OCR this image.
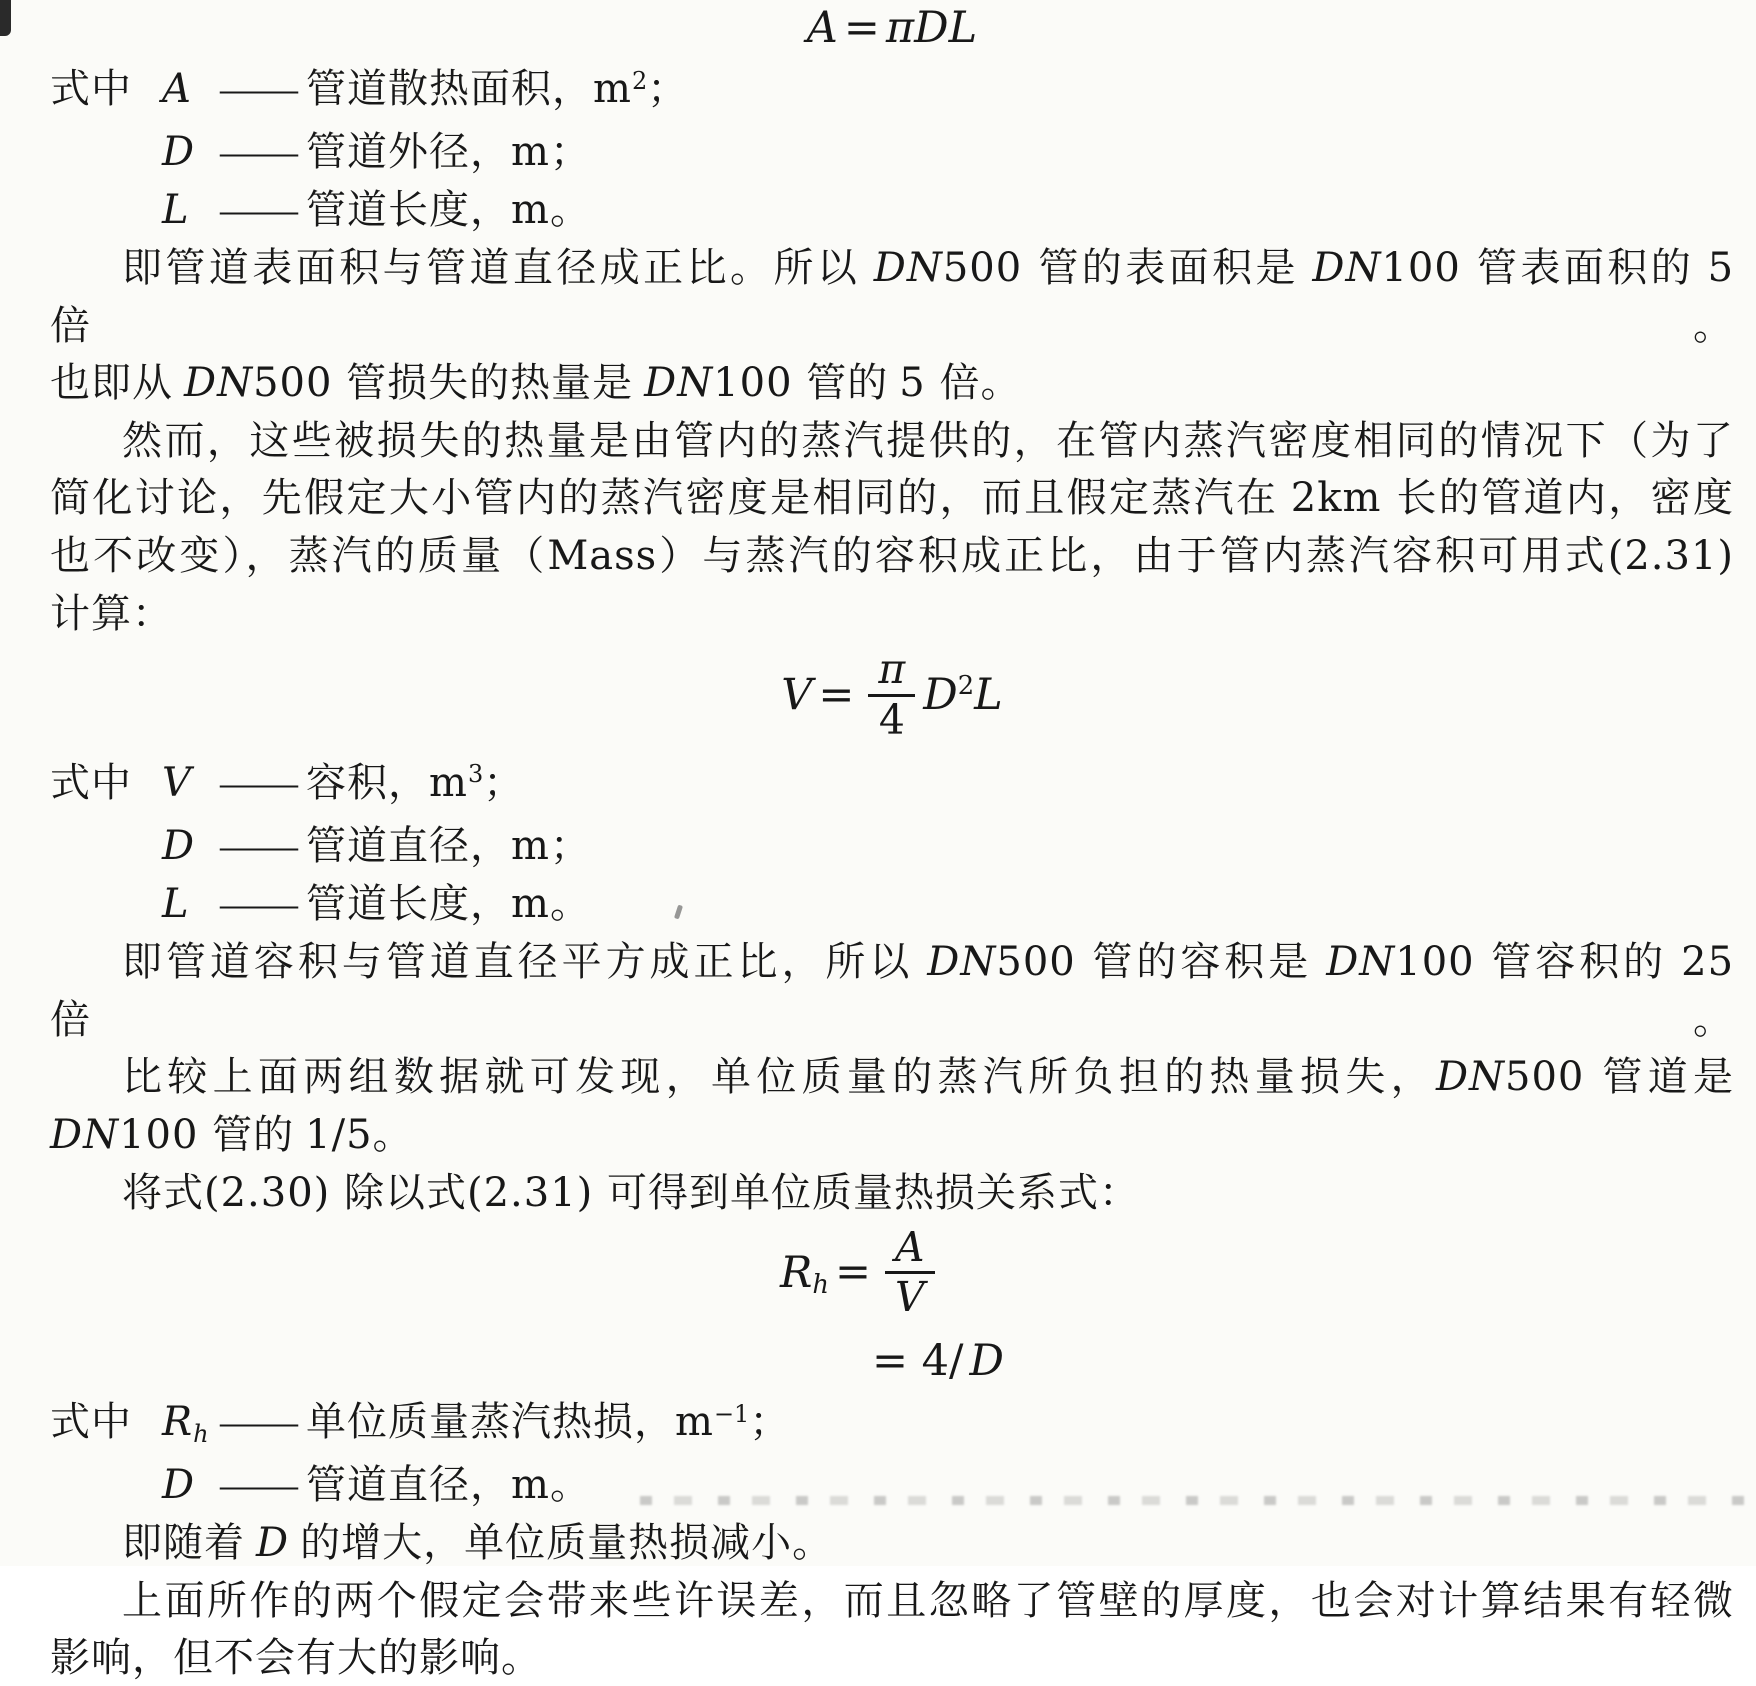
A = πDL
式中 A —— 管道散热面积，$m^2$；
D —— 管道外径，m；
L —— 管道长度，m。
即管道表面积与管道直径成正比。所以 DN500 管的表面积是 DN100 管表面积的 5 倍。
也即从 DN500 管损失的热量是 DN100 管的 5 倍。
然而，这些被损失的热量是由管内的蒸汽提供的，在管内蒸汽密度相同的情况下（为了
简化讨论，先假定大小管内的蒸汽密度是相同的，而且假定蒸汽在 2km 长的管道内，密度
也不改变），蒸汽的质量（Mass）与蒸汽的容积成正比，由于管内蒸汽容积可用式(2.31)
计算：
$V = \frac{\pi}{4} D^2L$
式中 V —— 容积，$m^3$；
D —— 管道直径，m；
L —— 管道长度，m。
即管道容积与管道直径平方成正比，所以 DN500 管的容积是 DN100 管容积的 25 倍。
比较上面两组数据就可发现，单位质量的蒸汽所负担的热量损失，DN500 管道是
DN100 管的 1/5。
将式(2.30) 除以式(2.31) 可得到单位质量热损关系式：
$Rh = \frac{A}{V}$
= 4/ D
式中 Rh —— 单位质量蒸汽热损，$m^{-1}$；
D —— 管道直径，m。
即随着 D 的增大，单位质量热损减小。
上面所作的两个假定会带来些许误差，而且忽略了管壁的厚度，也会对计算结果有轻微
影响，但不会有大的影响。
